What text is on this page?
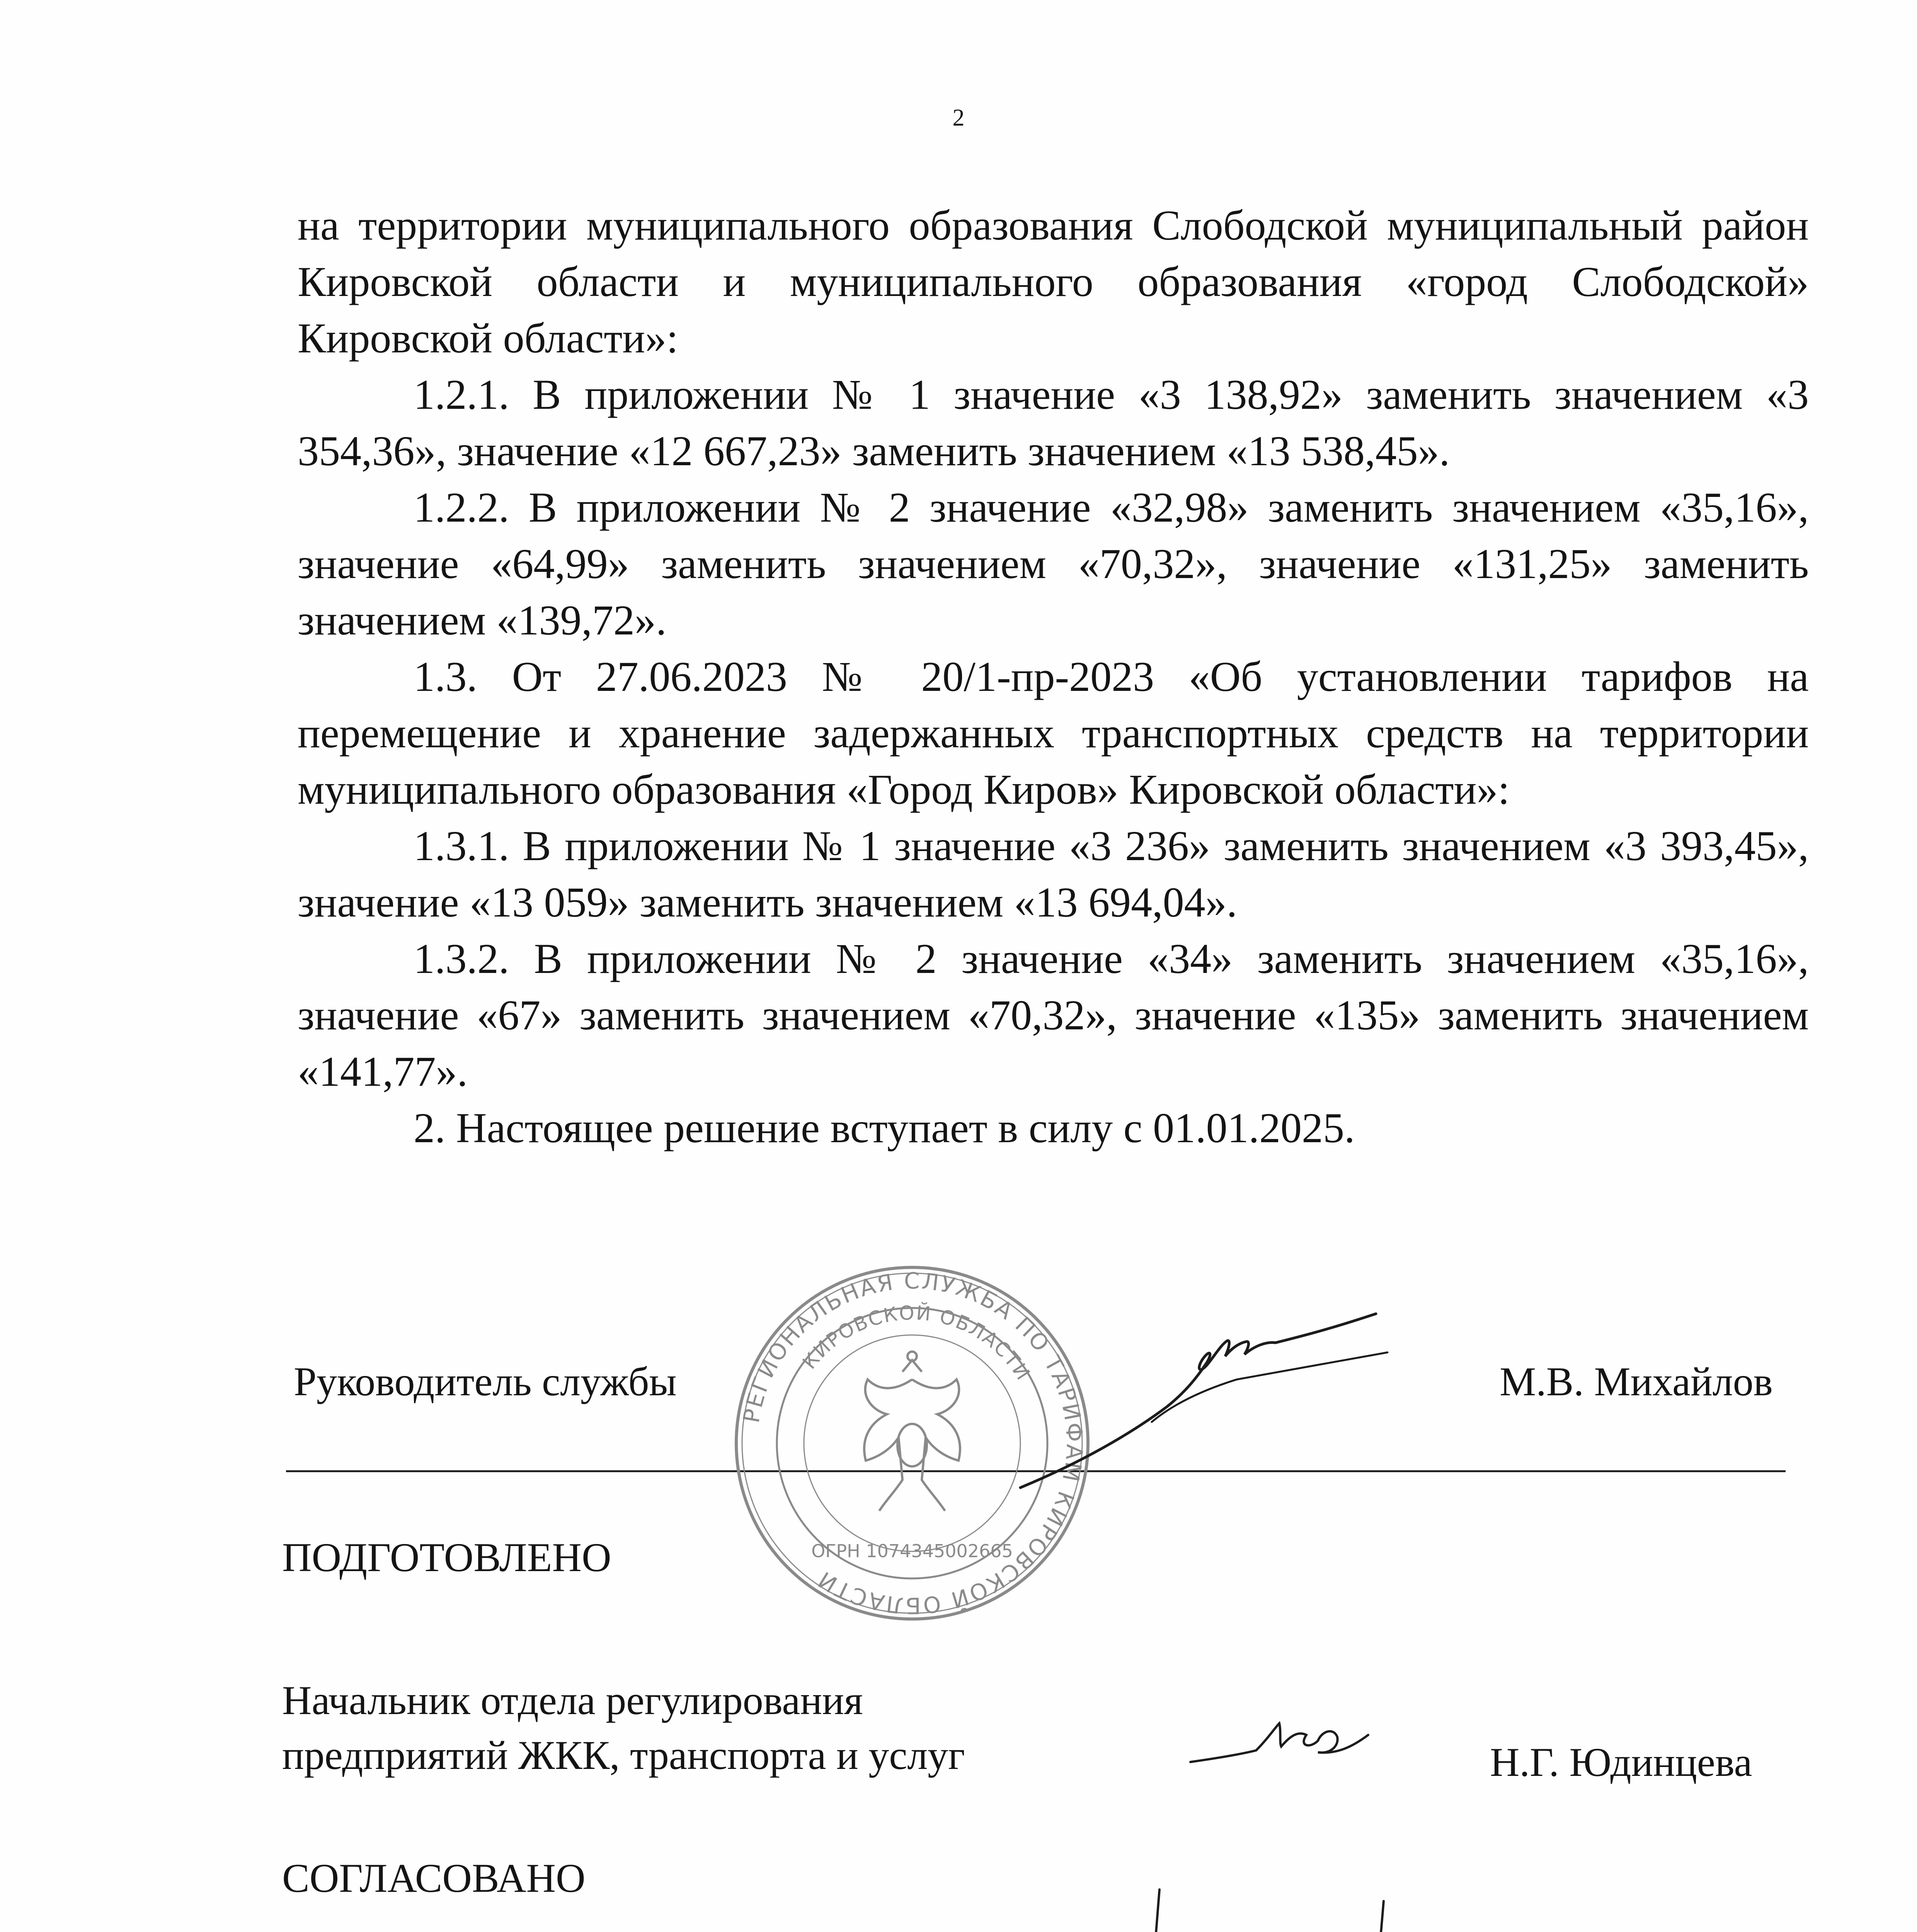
2

на территории муниципального образования Слободской муниципальный район Кировской области и муниципального образования «город Слободской» Кировской области»:

1.2.1. В приложении № 1 значение «3 138,92» заменить значением «3 354,36», значение «12 667,23» заменить значением «13 538,45».

1.2.2. В приложении № 2 значение «32,98» заменить значением «35,16», значение «64,99» заменить значением «70,32», значение «131,25» заменить значением «139,72».

1.3. От 27.06.2023 № 20/1-пр-2023 «Об установлении тарифов на перемещение и хранение задержанных транспортных средств на территории муниципального образования «Город Киров» Кировской области»:

1.3.1. В приложении № 1 значение «3 236» заменить значением «3 393,45», значение «13 059» заменить значением «13 694,04».

1.3.2. В приложении № 2 значение «34» заменить значением «35,16», значение «67» заменить значением «70,32», значение «135» заменить значением «141,77».

2. Настоящее решение вступает в силу с 01.01.2025.

Руководитель службы	М.В. Михайлов
РЕГИОНАЛЬНАЯ СЛУЖБА ПО ТАРИФАМ КИРОВСКОЙ ОБЛАСТИ
КИРОВСКОЙ ОБЛАСТИ
ОГРН 1074345002665
ПОДГОТОВЛЕНО
Начальник отдела регулирования
предприятий ЖКК, транспорта и услуг	Н.Г. Юдинцева
СОГЛАСОВАНО
